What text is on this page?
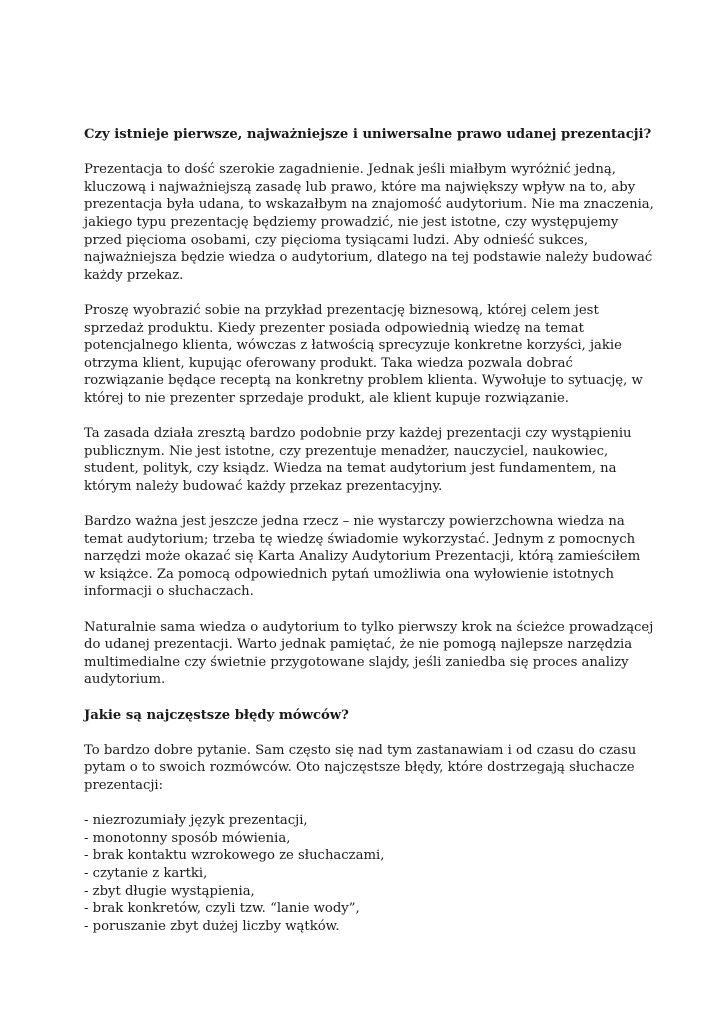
Czy istnieje pierwsze, najważniejsze i uniwersalne prawo udanej prezentacji?

Prezentacja to dość szerokie zagadnienie. Jednak jeśli miałbym wyróżnić jedną, kluczową i najważniejszą zasadę lub prawo, które ma największy wpływ na to, aby prezentacja była udana, to wskazałbym na znajomość audytorium. Nie ma znaczenia, jakiego typu prezentację będziemy prowadzić, nie jest istotne, czy występujemy przed pięcioma osobami, czy pięcioma tysiącami ludzi. Aby odnieść sukces, najważniejsza będzie wiedza o audytorium, dlatego na tej podstawie należy budować każdy przekaz.

Proszę wyobrazić sobie na przykład prezentację biznesową, której celem jest sprzedaż produktu. Kiedy prezenter posiada odpowiednią wiedzę na temat potencjalnego klienta, wówczas z łatwością sprecyzuje konkretne korzyści, jakie otrzyma klient, kupując oferowany produkt. Taka wiedza pozwala dobrać rozwiązanie będące receptą na konkretny problem klienta. Wywołuje to sytuację, w której to nie prezenter sprzedaje produkt, ale klient kupuje rozwiązanie.

Ta zasada działa zresztą bardzo podobnie przy każdej prezentacji czy wystąpieniu publicznym. Nie jest istotne, czy prezentuje menadżer, nauczyciel, naukowiec, student, polityk, czy ksiądz. Wiedza na temat audytorium jest fundamentem, na którym należy budować każdy przekaz prezentacyjny.

Bardzo ważna jest jeszcze jedna rzecz – nie wystarczy powierzchowna wiedza na temat audytorium; trzeba tę wiedzę świadomie wykorzystać. Jednym z pomocnych narzędzi może okazać się Karta Analizy Audytorium Prezentacji, którą zamieściłem w książce. Za pomocą odpowiednich pytań umożliwia ona wyłowienie istotnych informacji o słuchaczach.

Naturalnie sama wiedza o audytorium to tylko pierwszy krok na ścieżce prowadzącej do udanej prezentacji. Warto jednak pamiętać, że nie pomogą najlepsze narzędzia multimedialne czy świetnie przygotowane slajdy, jeśli zaniedba się proces analizy audytorium.

Jakie są najczęstsze błędy mówców?

To bardzo dobre pytanie. Sam często się nad tym zastanawiam i od czasu do czasu pytam o to swoich rozmówców. Oto najczęstsze błędy, które dostrzegają słuchacze prezentacji:

- niezrozumiały język prezentacji,
- monotonny sposób mówienia,
- brak kontaktu wzrokowego ze słuchaczami,
- czytanie z kartki,
- zbyt długie wystąpienia,
- brak konkretów, czyli tzw. “lanie wody”,
- poruszanie zbyt dużej liczby wątków.
